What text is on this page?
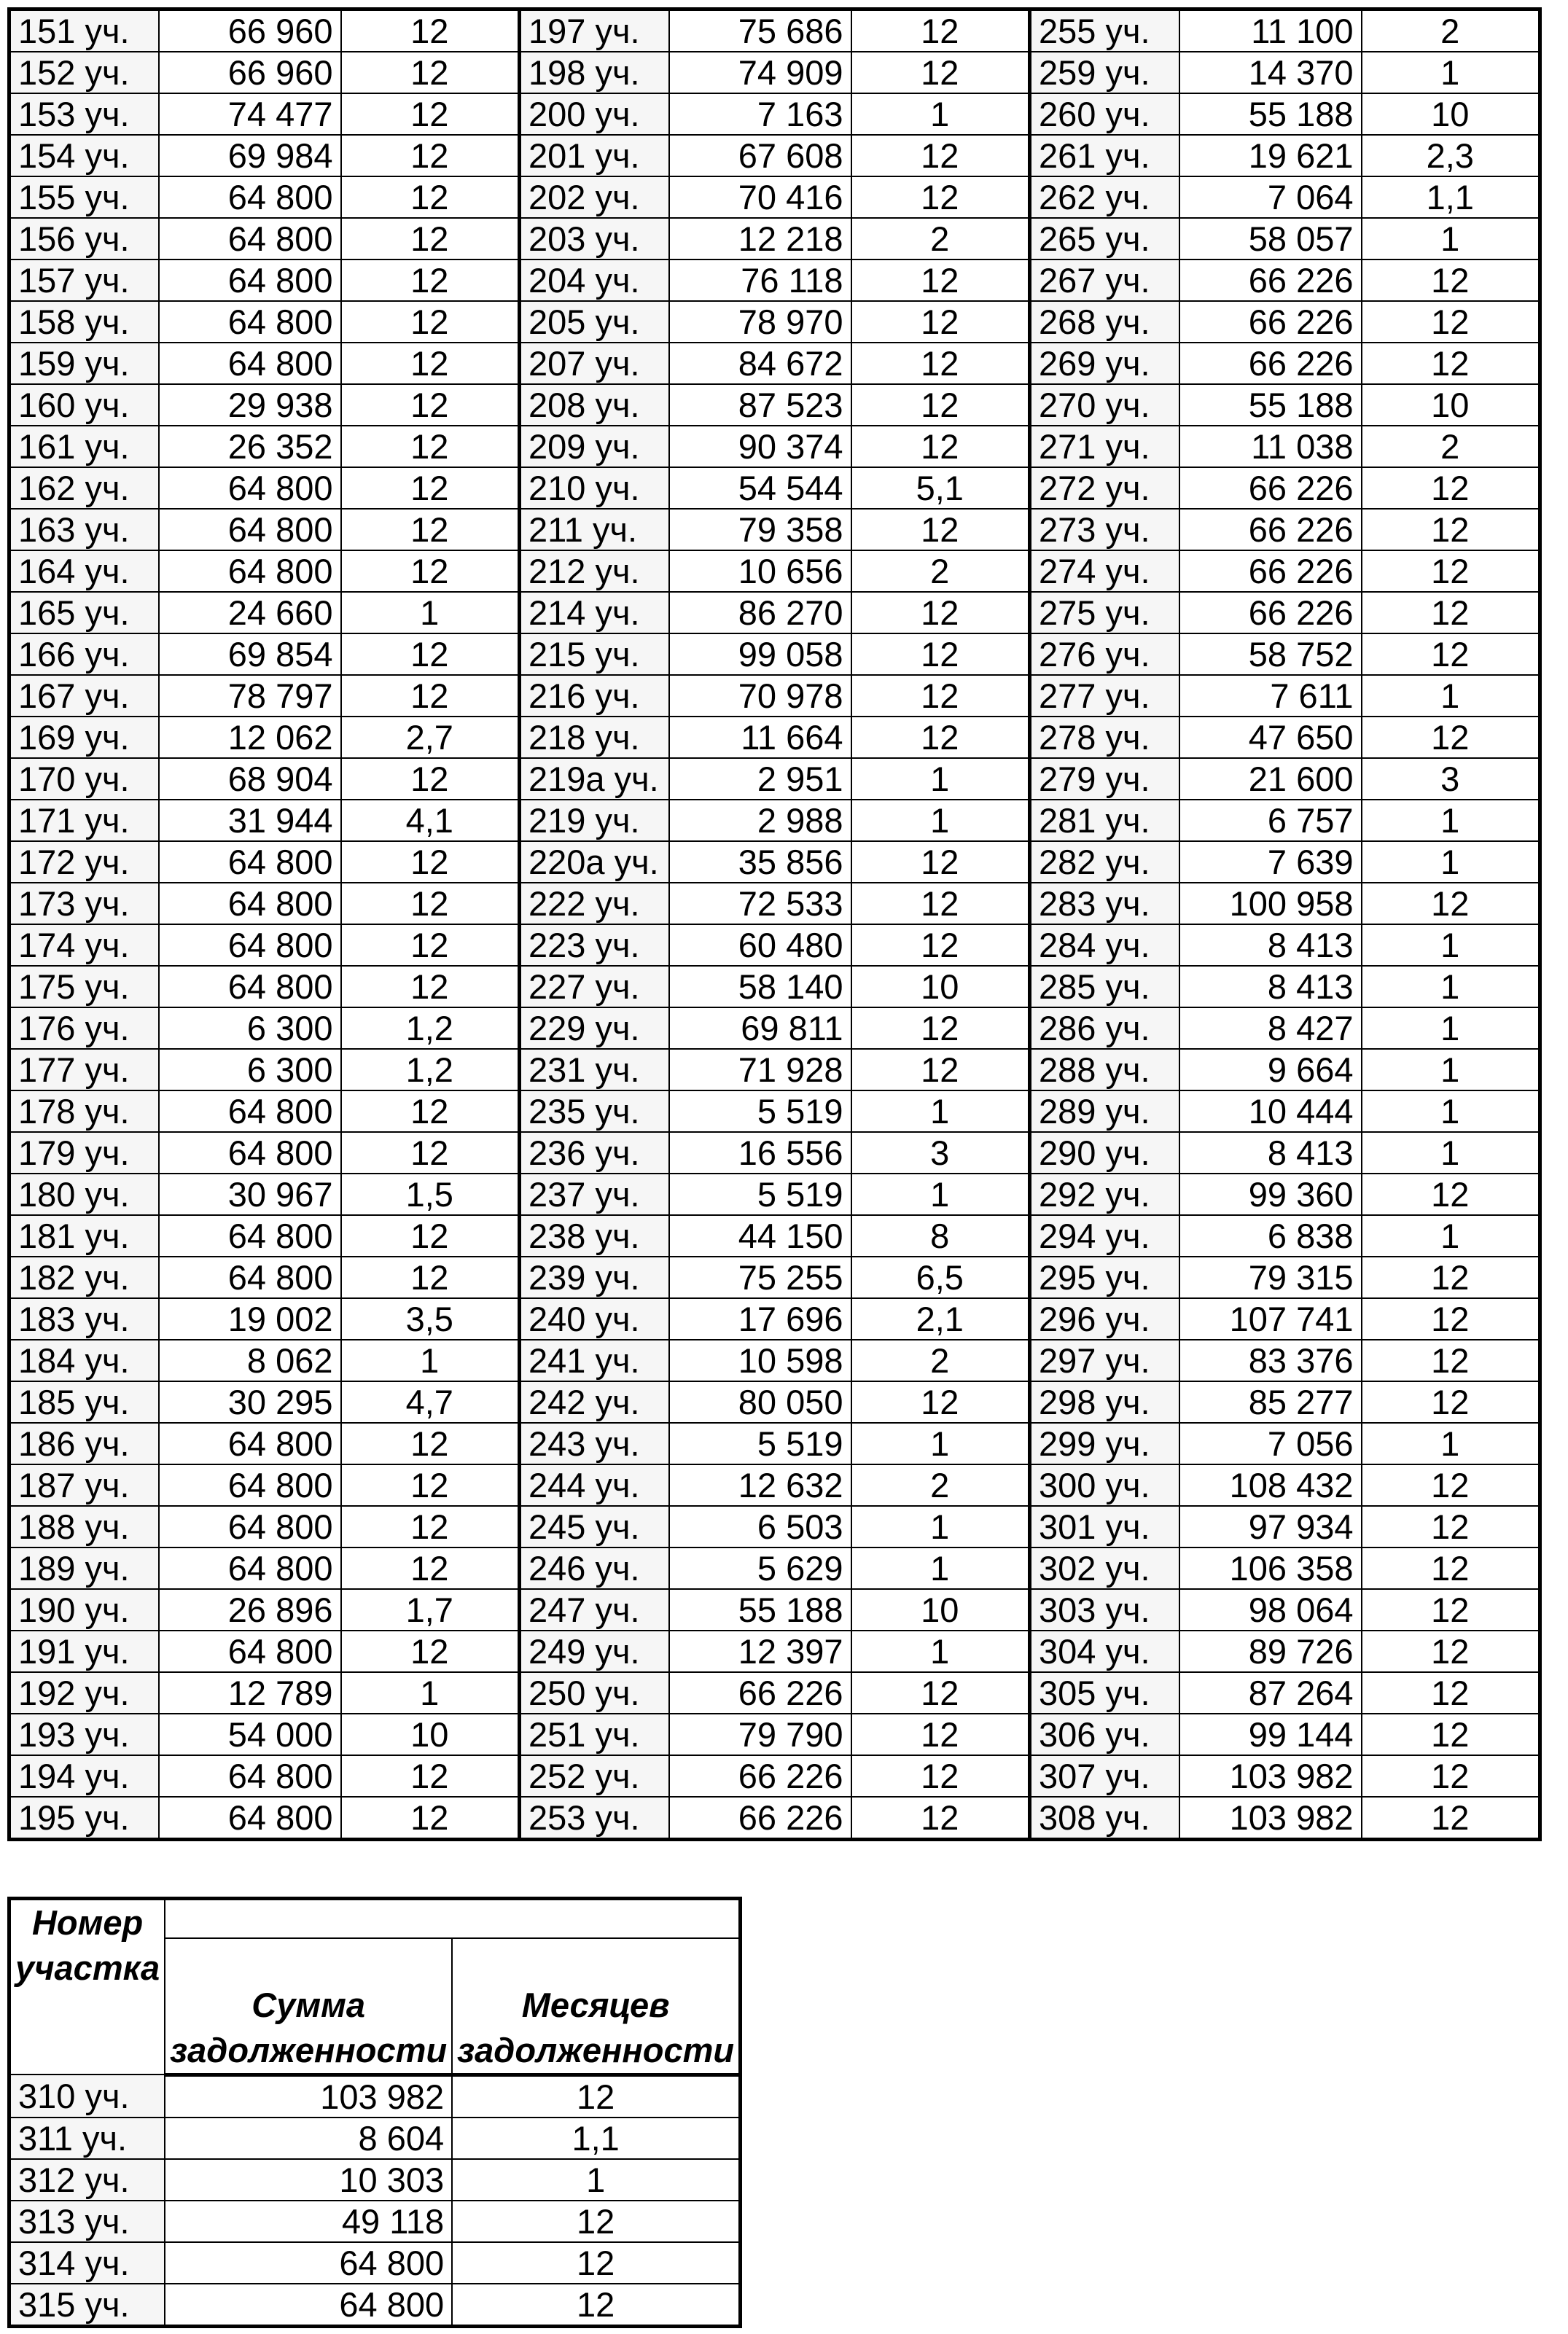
151 уч.	66 960	12	197 уч.	75 686	12	255 уч.	11 100	2
152 уч.	66 960	12	198 уч.	74 909	12	259 уч.	14 370	1
153 уч.	74 477	12	200 уч.	7 163	1	260 уч.	55 188	10
154 уч.	69 984	12	201 уч.	67 608	12	261 уч.	19 621	2,3
155 уч.	64 800	12	202 уч.	70 416	12	262 уч.	7 064	1,1
156 уч.	64 800	12	203 уч.	12 218	2	265 уч.	58 057	1
157 уч.	64 800	12	204 уч.	76 118	12	267 уч.	66 226	12
158 уч.	64 800	12	205 уч.	78 970	12	268 уч.	66 226	12
159 уч.	64 800	12	207 уч.	84 672	12	269 уч.	66 226	12
160 уч.	29 938	12	208 уч.	87 523	12	270 уч.	55 188	10
161 уч.	26 352	12	209 уч.	90 374	12	271 уч.	11 038	2
162 уч.	64 800	12	210 уч.	54 544	5,1	272 уч.	66 226	12
163 уч.	64 800	12	211 уч.	79 358	12	273 уч.	66 226	12
164 уч.	64 800	12	212 уч.	10 656	2	274 уч.	66 226	12
165 уч.	24 660	1	214 уч.	86 270	12	275 уч.	66 226	12
166 уч.	69 854	12	215 уч.	99 058	12	276 уч.	58 752	12
167 уч.	78 797	12	216 уч.	70 978	12	277 уч.	7 611	1
169 уч.	12 062	2,7	218 уч.	11 664	12	278 уч.	47 650	12
170 уч.	68 904	12	219а уч.	2 951	1	279 уч.	21 600	3
171 уч.	31 944	4,1	219 уч.	2 988	1	281 уч.	6 757	1
172 уч.	64 800	12	220а уч.	35 856	12	282 уч.	7 639	1
173 уч.	64 800	12	222 уч.	72 533	12	283 уч.	100 958	12
174 уч.	64 800	12	223 уч.	60 480	12	284 уч.	8 413	1
175 уч.	64 800	12	227 уч.	58 140	10	285 уч.	8 413	1
176 уч.	6 300	1,2	229 уч.	69 811	12	286 уч.	8 427	1
177 уч.	6 300	1,2	231 уч.	71 928	12	288 уч.	9 664	1
178 уч.	64 800	12	235 уч.	5 519	1	289 уч.	10 444	1
179 уч.	64 800	12	236 уч.	16 556	3	290 уч.	8 413	1
180 уч.	30 967	1,5	237 уч.	5 519	1	292 уч.	99 360	12
181 уч.	64 800	12	238 уч.	44 150	8	294 уч.	6 838	1
182 уч.	64 800	12	239 уч.	75 255	6,5	295 уч.	79 315	12
183 уч.	19 002	3,5	240 уч.	17 696	2,1	296 уч.	107 741	12
184 уч.	8 062	1	241 уч.	10 598	2	297 уч.	83 376	12
185 уч.	30 295	4,7	242 уч.	80 050	12	298 уч.	85 277	12
186 уч.	64 800	12	243 уч.	5 519	1	299 уч.	7 056	1
187 уч.	64 800	12	244 уч.	12 632	2	300 уч.	108 432	12
188 уч.	64 800	12	245 уч.	6 503	1	301 уч.	97 934	12
189 уч.	64 800	12	246 уч.	5 629	1	302 уч.	106 358	12
190 уч.	26 896	1,7	247 уч.	55 188	10	303 уч.	98 064	12
191 уч.	64 800	12	249 уч.	12 397	1	304 уч.	89 726	12
192 уч.	12 789	1	250 уч.	66 226	12	305 уч.	87 264	12
193 уч.	54 000	10	251 уч.	79 790	12	306 уч.	99 144	12
194 уч.	64 800	12	252 уч.	66 226	12	307 уч.	103 982	12
195 уч.	64 800	12	253 уч.	66 226	12	308 уч.	103 982	12
Номер участка		
	Сумма задолженности	Месяцев задолженности
310 уч.	103 982	12
311 уч.	8 604	1,1
312 уч.	10 303	1
313 уч.	49 118	12
314 уч.	64 800	12
315 уч.	64 800	12
